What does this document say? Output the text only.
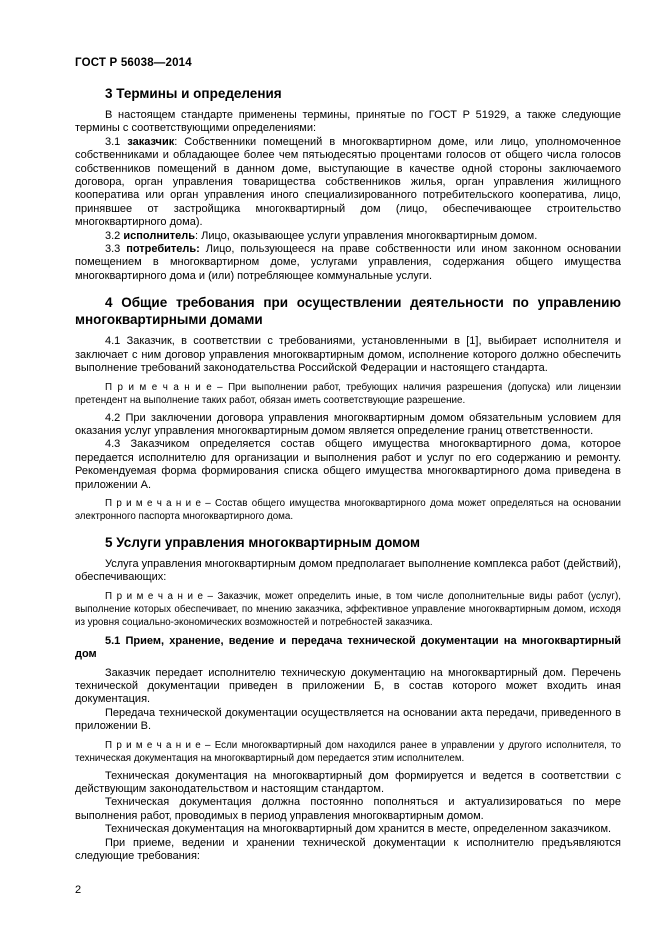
ГОСТ Р 56038—2014
3 Термины и определения

В настоящем стандарте применены термины, принятые по ГОСТ Р 51929, а также следующие термины с соответствующими определениями:

3.1 заказчик: Собственники помещений в многоквартирном доме, или лицо, уполномоченное собственниками и обладающее более чем пятьюдесятью процентами голосов от общего числа голосов собственников помещений в данном доме, выступающие в качестве одной стороны заключаемого договора, орган управления товарищества собственников жилья, орган управления жилищного кооператива или орган управления иного специализированного потребительского кооператива, лицо, принявшее от застройщика многоквартирный дом (лицо, обеспечивающее строительство многоквартирного дома).

3.2 исполнитель: Лицо, оказывающее услуги управления многоквартирным домом.

3.3 потребитель: Лицо, пользующееся на праве собственности или ином законном основании помещением в многоквартирном доме, услугами управления, содержания общего имущества многоквартирного дома и (или) потребляющее коммунальные услуги.

4 Общие требования при осуществлении деятельности по управлению многоквартирными домами

4.1 Заказчик, в соответствии с требованиями, установленными в [1], выбирает исполнителя и заключает с ним договор управления многоквартирным домом, исполнение которого должно обеспечить выполнение требований законодательства Российской Федерации и настоящего стандарта.

П р и м е ч а н и е – При выполнении работ, требующих наличия разрешения (допуска) или лицензии претендент на выполнение таких работ, обязан иметь соответствующие разрешение.

4.2 При заключении договора управления многоквартирным домом обязательным условием для оказания услуг управления многоквартирным домом является определение границ ответственности.

4.3 Заказчиком определяется состав общего имущества многоквартирного дома, которое передается исполнителю для организации и выполнения работ и услуг по его содержанию и ремонту. Рекомендуемая форма формирования списка общего имущества многоквартирного дома приведена в приложении А.

П р и м е ч а н и е – Состав общего имущества многоквартирного дома может определяться на основании электронного паспорта многоквартирного дома.

5 Услуги управления многоквартирным домом

Услуга управления многоквартирным домом предполагает выполнение комплекса работ (действий), обеспечивающих:

П р и м е ч а н и е – Заказчик, может определить иные, в том числе дополнительные виды работ (услуг), выполнение которых обеспечивает, по мнению заказчика, эффективное управление многоквартирным домом, исходя из уровня социально-экономических возможностей и потребностей заказчика.

5.1 Прием, хранение, ведение и передача технической документации на многоквартирный дом

Заказчик передает исполнителю техническую документацию на многоквартирный дом. Перечень технической документации приведен в приложении Б, в состав которого может входить иная документация.

Передача технической документации осуществляется на основании акта передачи, приведенного в приложении В.

П р и м е ч а н и е – Если многоквартирный дом находился ранее в управлении у другого исполнителя, то техническая документация на многоквартирный дом передается этим исполнителем.

Техническая документация на многоквартирный дом формируется и ведется в соответствии с действующим законодательством и настоящим стандартом.

Техническая документация должна постоянно пополняться и актуализироваться по мере выполнения работ, проводимых в период управления многоквартирным домом.

Техническая документация на многоквартирный дом хранится в месте, определенном заказчиком.

При приеме, ведении и хранении технической документации к исполнителю предъявляются следующие требования:

2
